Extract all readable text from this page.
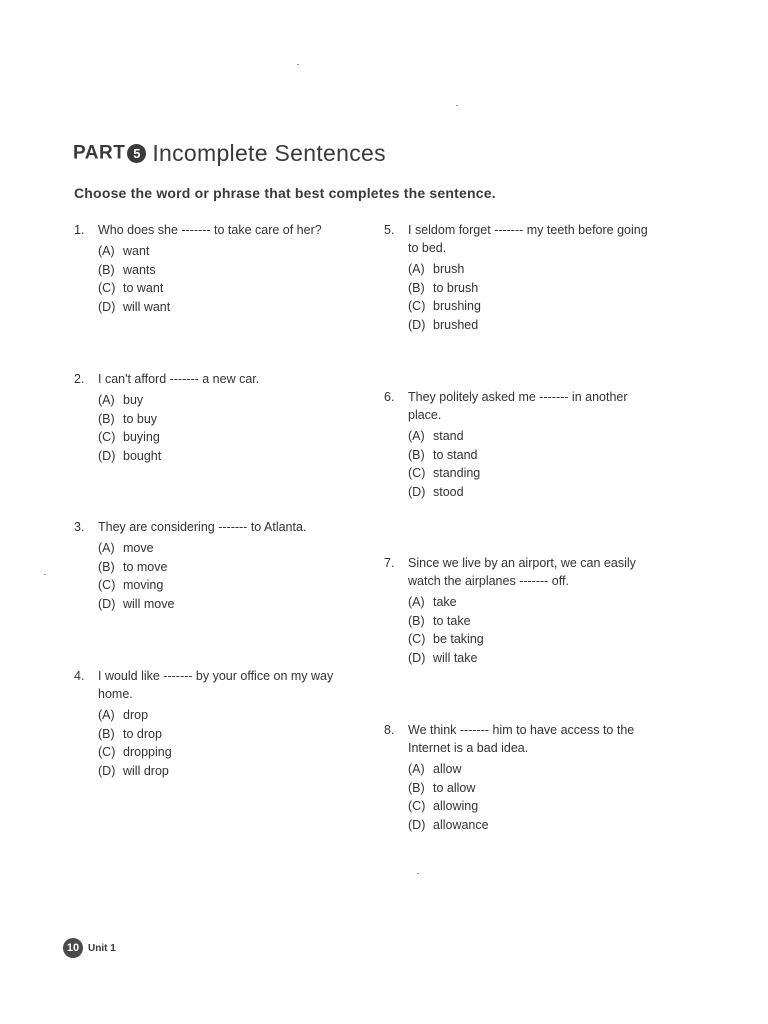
PART 5 Incomplete Sentences
Choose the word or phrase that best completes the sentence.
1.	Who does she ------- to take care of her?
(A) want
(B) wants
(C) to want
(D) will want
2.	I can't afford ------- a new car.
(A) buy
(B) to buy
(C) buying
(D) bought
3.	They are considering ------- to Atlanta.
(A) move
(B) to move
(C) moving
(D) will move
4.	I would like ------- by your office on my way home.
(A) drop
(B) to drop
(C) dropping
(D) will drop
5.	I seldom forget ------- my teeth before going to bed.
(A) brush
(B) to brush
(C) brushing
(D) brushed
6.	They politely asked me ------- in another place.
(A) stand
(B) to stand
(C) standing
(D) stood
7.	Since we live by an airport, we can easily watch the airplanes ------- off.
(A) take
(B) to take
(C) be taking
(D) will take
8.	We think ------- him to have access to the Internet is a bad idea.
(A) allow
(B) to allow
(C) allowing
(D) allowance
10 Unit 1
